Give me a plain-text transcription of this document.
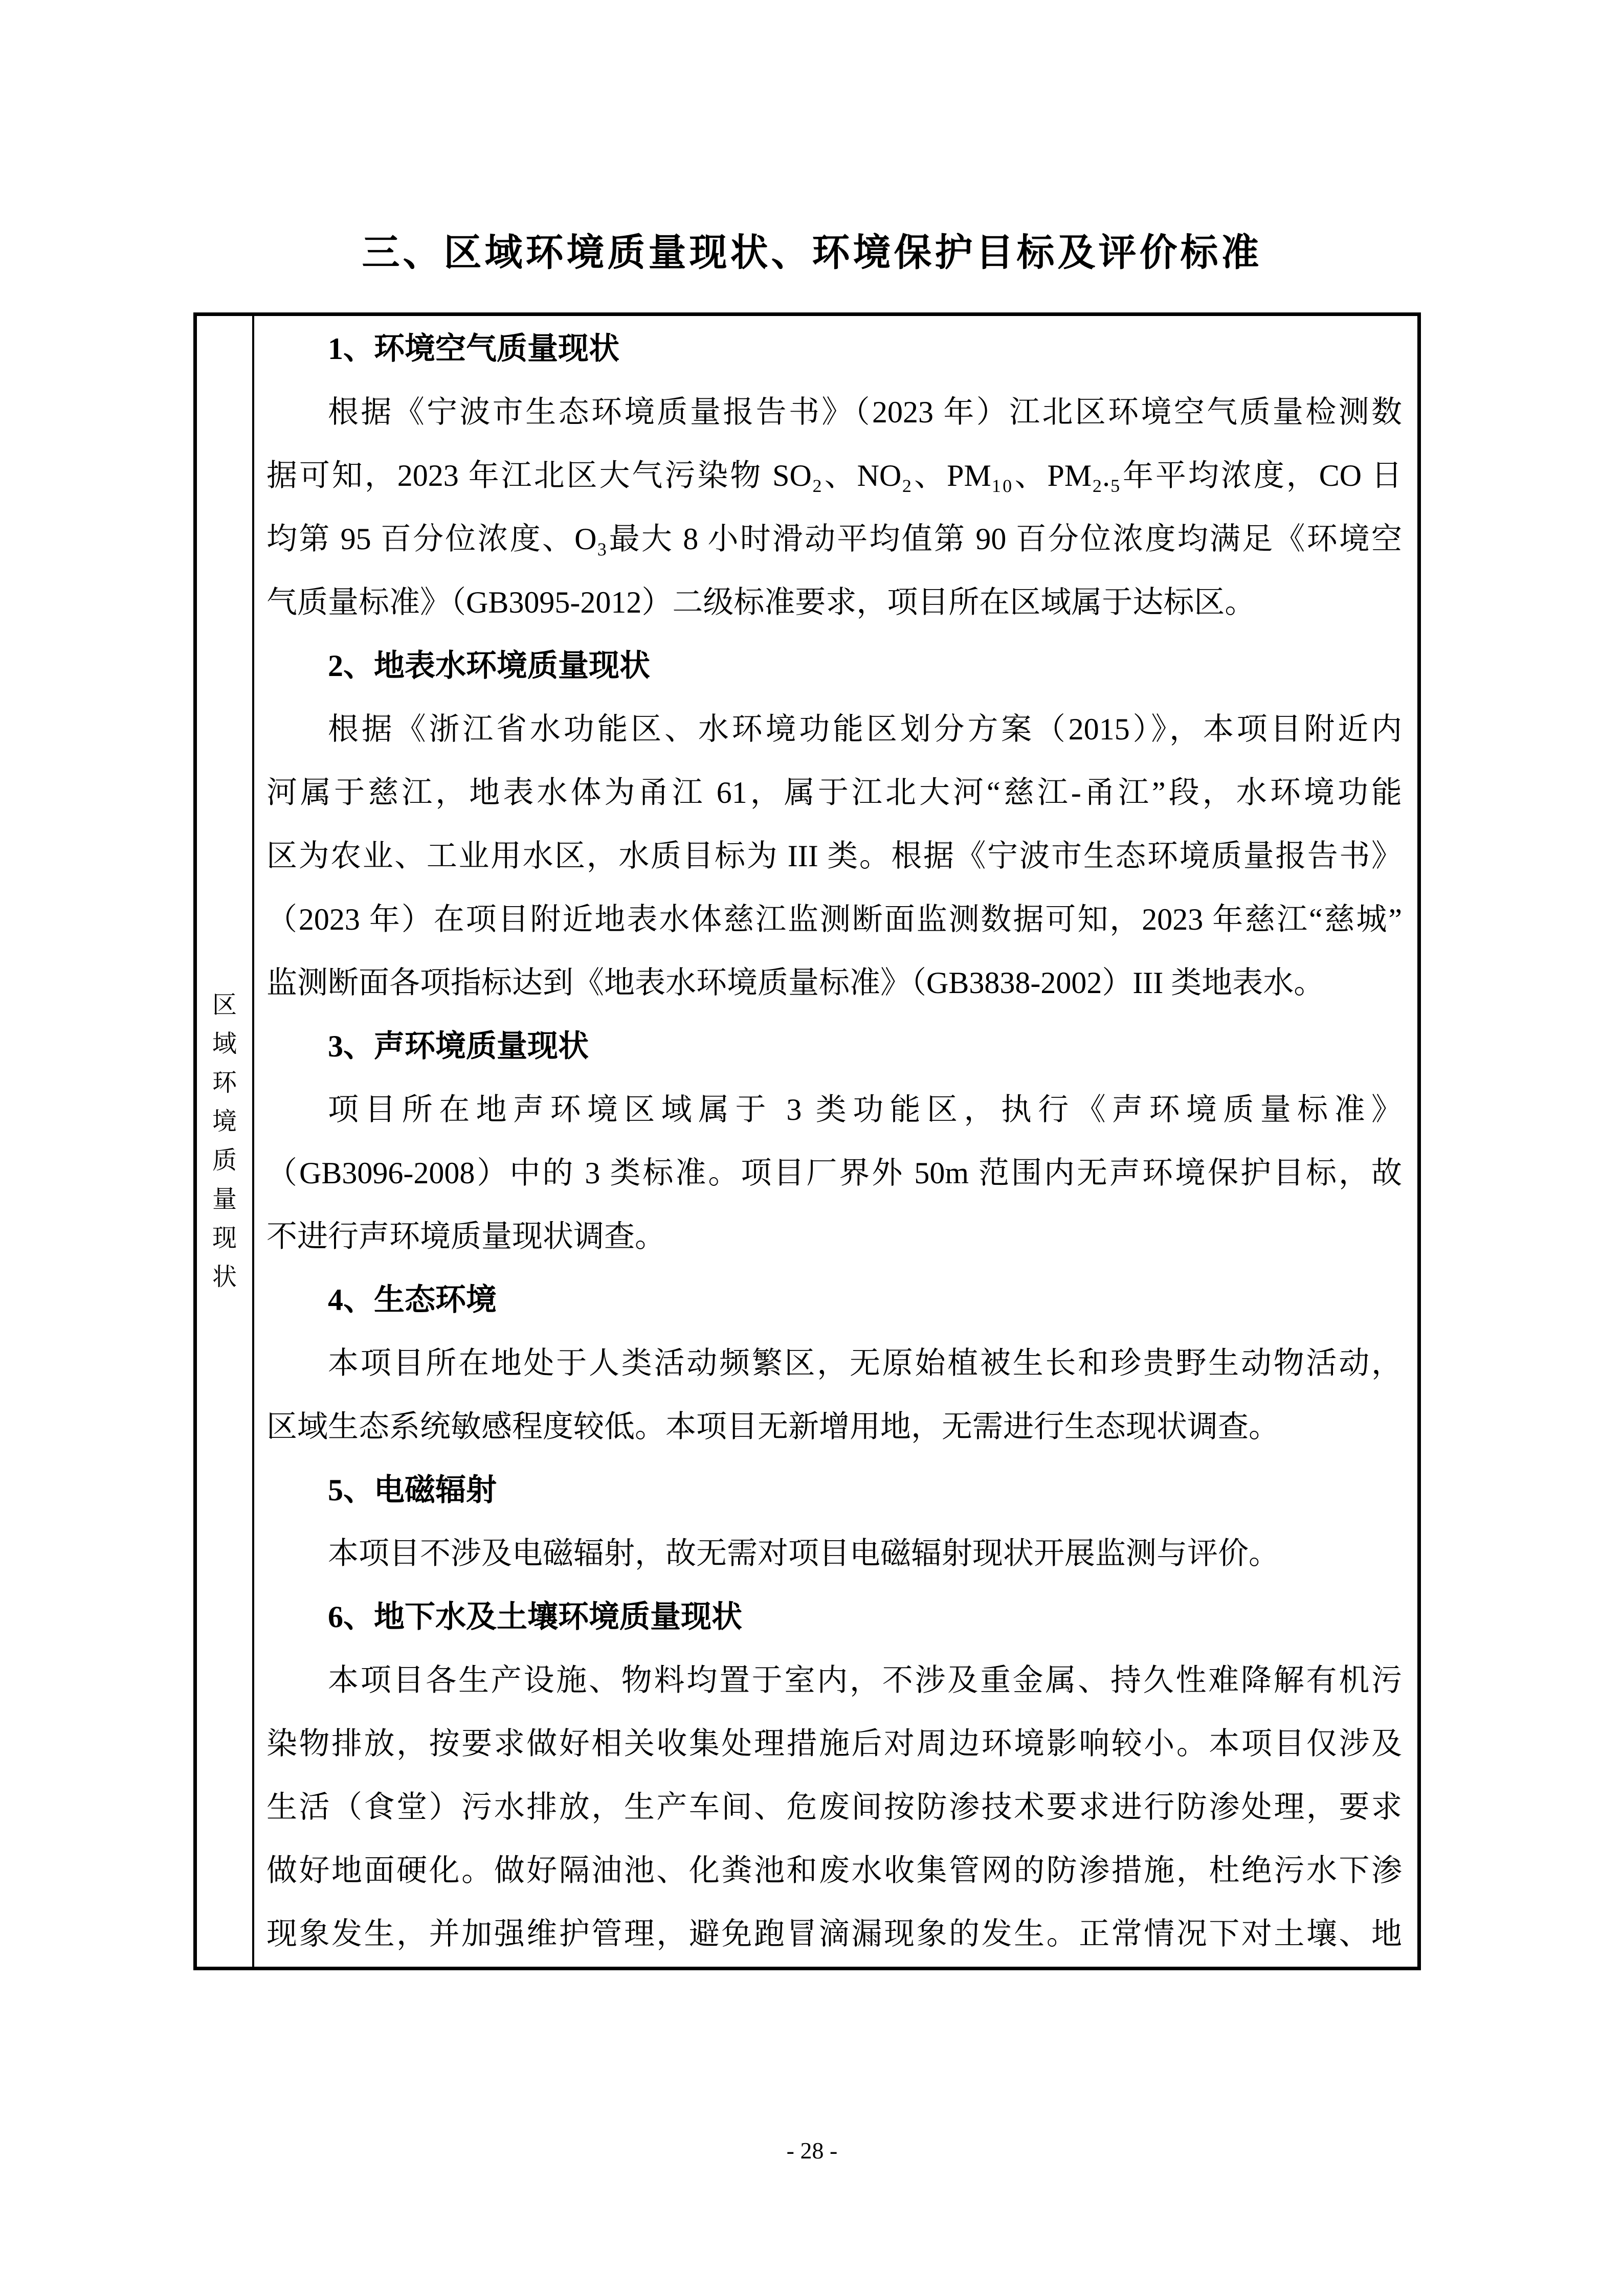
三、区域环境质量现状、环境保护目标及评价标准
区
域
环
境
质
量
现
状
1、环境空气质量现状
根据《宁波市生态环境质量报告书》（2023 年）江北区环境空气质量检测数
据可知，2023 年江北区大气污染物 SO₂、NO₂、PM₁₀、PM₂.₅年平均浓度，CO 日
均第 95 百分位浓度、O₃最大 8 小时滑动平均值第 90 百分位浓度均满足《环境空
气质量标准》（GB3095-2012）二级标准要求，项目所在区域属于达标区。
2、地表水环境质量现状
根据《浙江省水功能区、水环境功能区划分方案（2015）》，本项目附近内
河属于慈江，地表水体为甬江 61，属于江北大河“慈江-甬江”段，水环境功能
区为农业、工业用水区，水质目标为 III 类。根据《宁波市生态环境质量报告书》
（2023 年）在项目附近地表水体慈江监测断面监测数据可知，2023 年慈江“慈城”
监测断面各项指标达到《地表水环境质量标准》（GB3838-2002）III 类地表水。
3、声环境质量现状
项目所在地声环境区域属于 3 类功能区，执行《声环境质量标准》
（GB3096-2008）中的 3 类标准。项目厂界外 50m 范围内无声环境保护目标，故
不进行声环境质量现状调查。
4、生态环境
本项目所在地处于人类活动频繁区，无原始植被生长和珍贵野生动物活动，
区域生态系统敏感程度较低。本项目无新增用地，无需进行生态现状调查。
5、电磁辐射
本项目不涉及电磁辐射，故无需对项目电磁辐射现状开展监测与评价。
6、地下水及土壤环境质量现状
本项目各生产设施、物料均置于室内，不涉及重金属、持久性难降解有机污
染物排放，按要求做好相关收集处理措施后对周边环境影响较小。本项目仅涉及
生活（食堂）污水排放，生产车间、危废间按防渗技术要求进行防渗处理，要求
做好地面硬化。做好隔油池、化粪池和废水收集管网的防渗措施，杜绝污水下渗
现象发生，并加强维护管理，避免跑冒滴漏现象的发生。正常情况下对土壤、地
- 28 -
